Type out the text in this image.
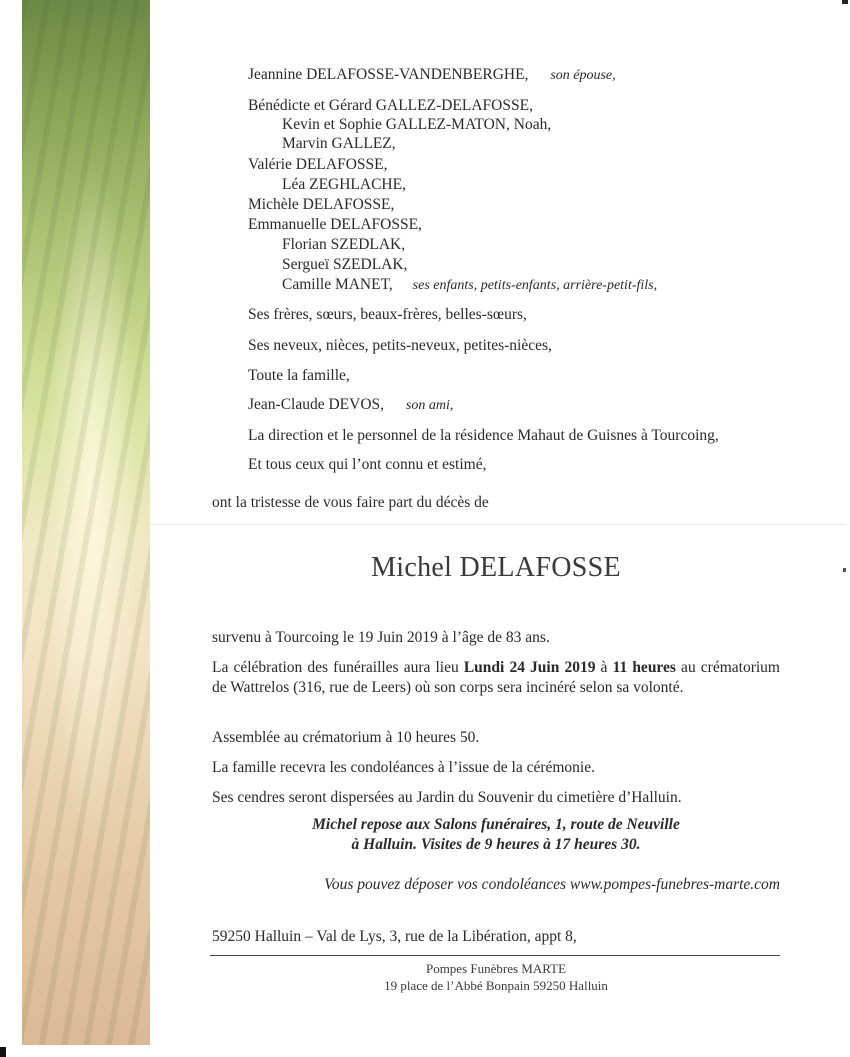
Jeannine DELAFOSSE-VANDENBERGHE, son épouse,
Bénédicte et Gérard GALLEZ-DELAFOSSE,
Kevin et Sophie GALLEZ-MATON, Noah,
Marvin GALLEZ,
Valérie DELAFOSSE,
Léa ZEGHLACHE,
Michèle DELAFOSSE,
Emmanuelle DELAFOSSE,
Florian SZEDLAK,
Sergueï SZEDLAK,
Camille MANET, ses enfants, petits-enfants, arrière-petit-fils,
Ses frères, sœurs, beaux-frères, belles-sœurs,
Ses neveux, nièces, petits-neveux, petites-nièces,
Toute la famille,
Jean-Claude DEVOS, son ami,
La direction et le personnel de la résidence Mahaut de Guisnes à Tourcoing,
Et tous ceux qui l’ont connu et estimé,
ont la tristesse de vous faire part du décès de
Michel DELAFOSSE
survenu à Tourcoing le 19 Juin 2019 à l’âge de 83 ans.
La célébration des funérailles aura lieu Lundi 24 Juin 2019 à 11 heures au crématorium de Wattrelos (316, rue de Leers) où son corps sera incinéré selon sa volonté.
Assemblée au crématorium à 10 heures 50.
La famille recevra les condoléances à l’issue de la cérémonie.
Ses cendres seront dispersées au Jardin du Souvenir du cimetière d’Halluin.
Michel repose aux Salons funéraires, 1, route de Neuville
à Halluin. Visites de 9 heures à 17 heures 30.
Vous pouvez déposer vos condoléances www.pompes-funebres-marte.com
59250 Halluin – Val de Lys, 3, rue de la Libération, appt 8,
Pompes Funèbres MARTE
19 place de l’Abbé Bonpain 59250 Halluin
